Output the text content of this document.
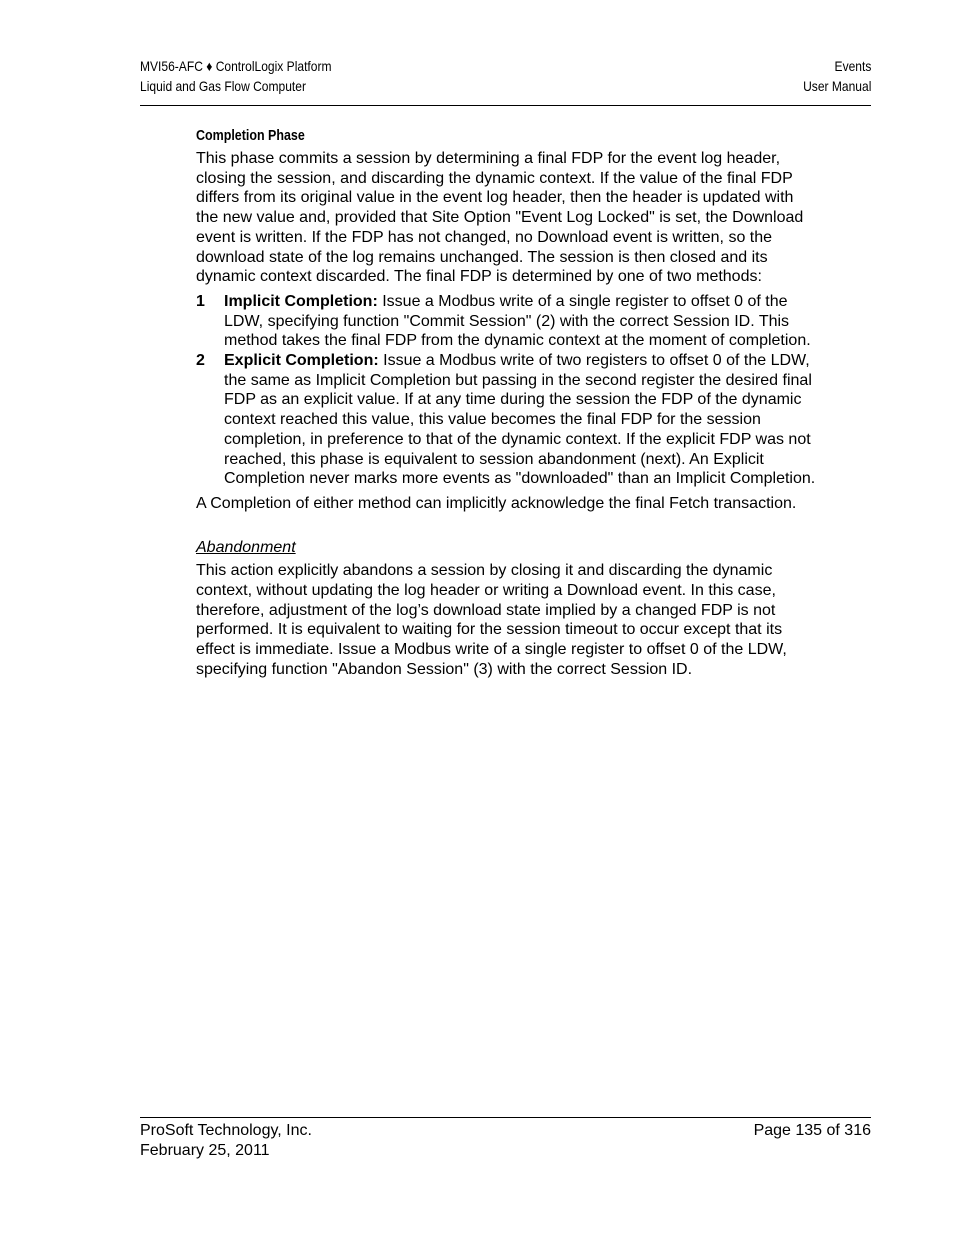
MVI56-AFC ♦ ControlLogix Platform
Liquid and Gas Flow Computer
Events
User Manual
Completion Phase

This phase commits a session by determining a final FDP for the event log header, closing the session, and discarding the dynamic context. If the value of the final FDP differs from its original value in the event log header, then the header is updated with the new value and, provided that Site Option "Event Log Locked" is set, the Download event is written. If the FDP has not changed, no Download event is written, so the download state of the log remains unchanged. The session is then closed and its dynamic context discarded. The final FDP is determined by one of two methods:

1 Implicit Completion: Issue a Modbus write of a single register to offset 0 of the LDW, specifying function "Commit Session" (2) with the correct Session ID. This method takes the final FDP from the dynamic context at the moment of completion.
2 Explicit Completion: Issue a Modbus write of two registers to offset 0 of the LDW, the same as Implicit Completion but passing in the second register the desired final FDP as an explicit value. If at any time during the session the FDP of the dynamic context reached this value, this value becomes the final FDP for the session completion, in preference to that of the dynamic context. If the explicit FDP was not reached, this phase is equivalent to session abandonment (next). An Explicit Completion never marks more events as "downloaded" than an Implicit Completion.

A Completion of either method can implicitly acknowledge the final Fetch transaction.

Abandonment

This action explicitly abandons a session by closing it and discarding the dynamic context, without updating the log header or writing a Download event. In this case, therefore, adjustment of the log’s download state implied by a changed FDP is not performed. It is equivalent to waiting for the session timeout to occur except that its effect is immediate. Issue a Modbus write of a single register to offset 0 of the LDW, specifying function "Abandon Session" (3) with the correct Session ID.

ProSoft Technology, Inc.
February 25, 2011
Page 135 of 316
